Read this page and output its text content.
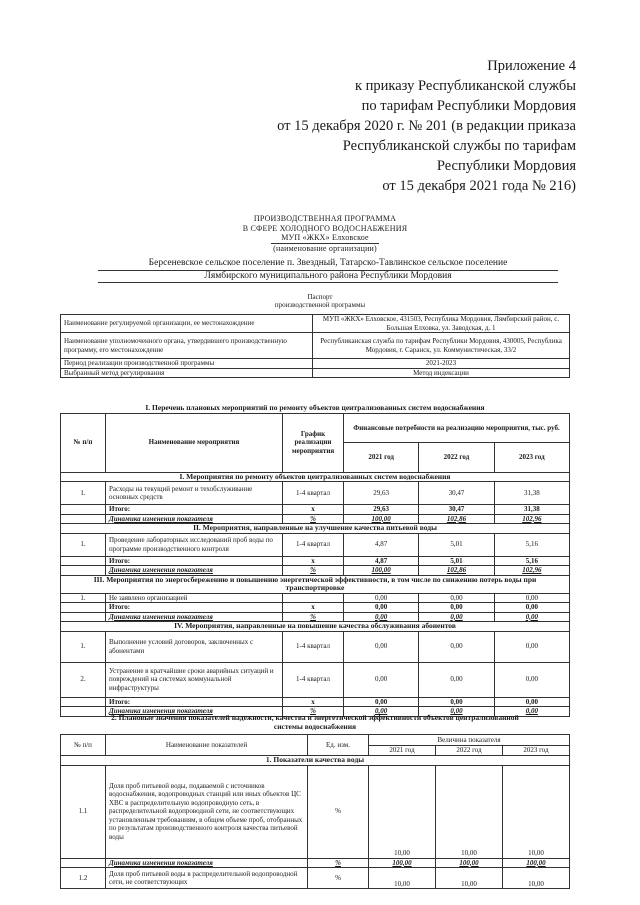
Приложение 4
к приказу Республиканской службы
по тарифам Республики Мордовия
от 15 декабря 2020 г. № 201 (в редакции приказа
Республиканской службы по тарифам
Республики Мордовия
от 15 декабря 2021 года № 216)
ПРОИЗВОДСТВЕННАЯ ПРОГРАММА
В СФЕРЕ ХОЛОДНОГО ВОДОСНАБЖЕНИЯ
МУП «ЖКХ» Елховское
(наименование организации)
Берсеневское сельское поселение п. Звездный, Татарско-Тавлинское сельское поселение
Лямбирского муниципального района Республики Мордовия
Паспорт
производственной программы
Наименование регулируемой организации, ее местонахождение	МУП «ЖКХ» Елховское, 431503, Республика Мордовия, Лямбирский район, с. Большая Елховка, ул. Заводская, д. 1
Наименование уполномоченного органа, утвердившего производственную программу, его местонахождение	Республиканская служба по тарифам Республики Мордовия, 430005, Республика Мордовия, г. Саранск, ул. Коммунистическая, 33/2
Период реализации производственной программы	2021-2023
Выбранный метод регулирования	Метод индексации
I. Перечень плановых мероприятий по ремонту объектов централизованных систем водоснабжения					
№ п/п	Наименование мероприятия	График реализации мероприятия	Финансовые потребности на реализацию мероприятия, тыс. руб.		
			2021 год	2022 год	2023 год
I. Мероприятия по ремонту объектов централизованных систем водоснабжения					
1.	Расходы на текущий ремонт и техобслуживание основных средств	1-4 квартал	29,63	30,47	31,38
	Итого:	х	29,63	30,47	31,38
	Динамика изменения показателя	%	100,00	102,86	102,96
II. Мероприятия, направленные на улучшение качества питьевой воды					
1.	Проведение лабораторных исследований проб воды по программе производственного контроля	1-4 квартал	4,87	5,01	5,16
	Итого:	х	4,87	5,01	5,16
	Динамика изменения показателя	%	100,00	102,86	102,96
III. Мероприятия по энергосбережению и повышению энергетической эффективности, в том числе по снижению потерь воды при транспортировке					
1.	Не заявлено организацией		0,00	0,00	0,00
	Итого:	х	0,00	0,00	0,00
	Динамика изменения показателя	%	0,00	0,00	0,00
IV. Мероприятия, направленные на повышение качества обслуживания абонентов					
1.	Выполнение условий договоров, заключенных с абонентами	1-4 квартал	0,00	0,00	0,00
2.	Устранение в кратчайшие сроки аварийных ситуаций и повреждений на системах коммунальной инфраструктуры	1-4 квартал	0,00	0,00	0,00
	Итого:	х	0,00	0,00	0,00
	Динамика изменения показателя	%	0,00	0,00	0,00
2. Плановые значения показателей надежности, качества и энергетической эффективности объектов централизованной
системы водоснабжения
№ п/п	Наименование показателей	Ед. изм.	Величина показателя		
			2021 год	2022 год	2023 год
1. Показатели качества воды					
1.1	Доля проб питьевой воды, подаваемой с источников водоснабжения, водопроводных станций или иных объектов ЦС ХВС в распределительную водопроводную сеть, в распределительной водопроводной сети, не соответствующих установленным требованиям, в общем объеме проб, отобранных по результатам производственного контроля качества питьевой воды	%	10,00	10,00	10,00
	Динамика изменения показателя	%	100,00	100,00	100,00
1.2	Доля проб питьевой воды в распределительной водопроводной сети, не соответствующих	%	10,00	10,00	10,00
